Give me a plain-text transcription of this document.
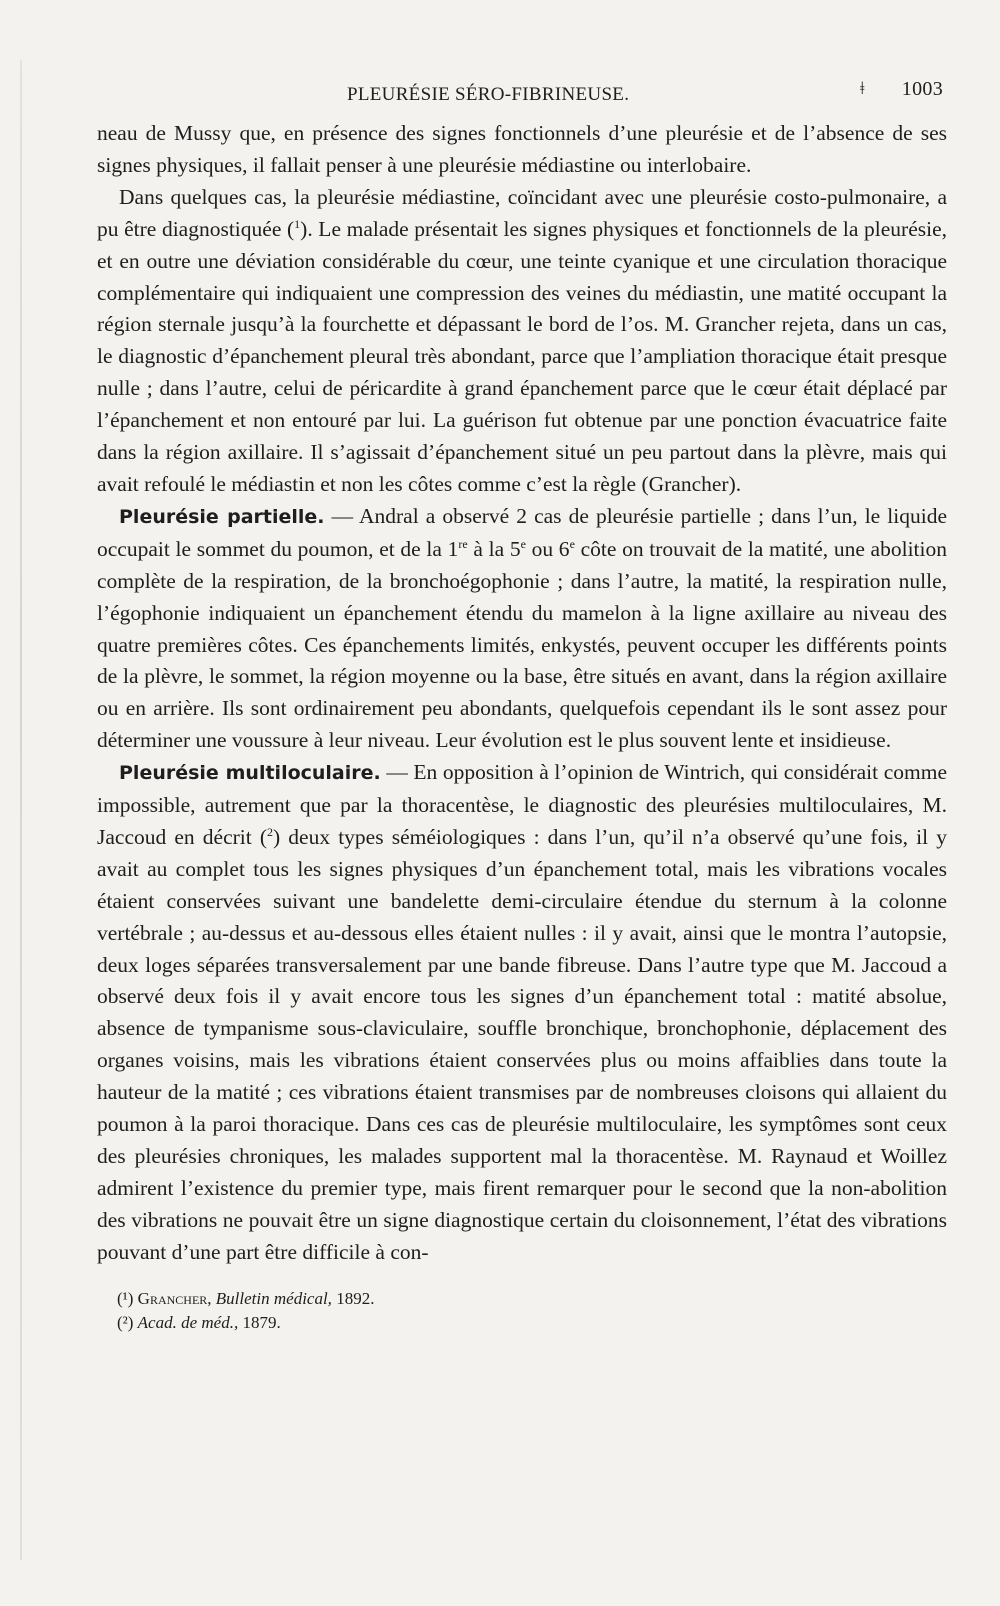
PLEURÉSIE SÉRO-FIBRINEUSE.	ǂ 1003

neau de Mussy que, en présence des signes fonctionnels d’une pleurésie et de l’absence de ses signes physiques, il fallait penser à une pleurésie médiastine ou interlobaire.

Dans quelques cas, la pleurésie médiastine, coïncidant avec une pleurésie costo-pulmonaire, a pu être diagnostiquée ($^1$). Le malade présentait les signes physiques et fonctionnels de la pleurésie, et en outre une déviation considérable du cœur, une teinte cyanique et une circulation thoracique complémentaire qui indiquaient une compression des veines du médiastin, une matité occupant la région sternale jusqu’à la fourchette et dépassant le bord de l’os. M. Grancher rejeta, dans un cas, le diagnostic d’épanchement pleural très abondant, parce que l’ampliation thoracique était presque nulle ; dans l’autre, celui de péricardite à grand épanchement parce que le cœur était déplacé par l’épanchement et non entouré par lui. La guérison fut obtenue par une ponction évacuatrice faite dans la région axillaire. Il s’agissait d’épanchement situé un peu partout dans la plèvre, mais qui avait refoulé le médiastin et non les côtes comme c’est la règle (Grancher).

Pleurésie partielle. — Andral a observé 2 cas de pleurésie partielle ; dans l’un, le liquide occupait le sommet du poumon, et de la 1re à la 5e ou 6e côte on trouvait de la matité, une abolition complète de la respiration, de la bronchoégophonie ; dans l’autre, la matité, la respiration nulle, l’égophonie indiquaient un épanchement étendu du mamelon à la ligne axillaire au niveau des quatre premières côtes. Ces épanchements limités, enkystés, peuvent occuper les différents points de la plèvre, le sommet, la région moyenne ou la base, être situés en avant, dans la région axillaire ou en arrière. Ils sont ordinairement peu abondants, quelquefois cependant ils le sont assez pour déterminer une voussure à leur niveau. Leur évolution est le plus souvent lente et insidieuse.

Pleurésie multiloculaire. — En opposition à l’opinion de Wintrich, qui considérait comme impossible, autrement que par la thoracentèse, le diagnostic des pleurésies multiloculaires, M. Jaccoud en décrit ($^2$) deux types séméiologiques : dans l’un, qu’il n’a observé qu’une fois, il y avait au complet tous les signes physiques d’un épanchement total, mais les vibrations vocales étaient conservées suivant une bandelette demi-circulaire étendue du sternum à la colonne vertébrale ; au-dessus et au-dessous elles étaient nulles : il y avait, ainsi que le montra l’autopsie, deux loges séparées transversalement par une bande fibreuse. Dans l’autre type que M. Jaccoud a observé deux fois il y avait encore tous les signes d’un épanchement total : matité absolue, absence de tympanisme sous-claviculaire, souffle bronchique, bronchophonie, déplacement des organes voisins, mais les vibrations étaient conservées plus ou moins affaiblies dans toute la hauteur de la matité ; ces vibrations étaient transmises par de nombreuses cloisons qui allaient du poumon à la paroi thoracique. Dans ces cas de pleurésie multiloculaire, les symptômes sont ceux des pleurésies chroniques, les malades supportent mal la thoracentèse. M. Raynaud et Woillez admirent l’existence du premier type, mais firent remarquer pour le second que la non-abolition des vibrations ne pouvait être un signe diagnostique certain du cloisonnement, l’état des vibrations pouvant d’une part être difficile à con-

(¹) Grancher, Bulletin médical, 1892.
(²) Acad. de méd., 1879.
